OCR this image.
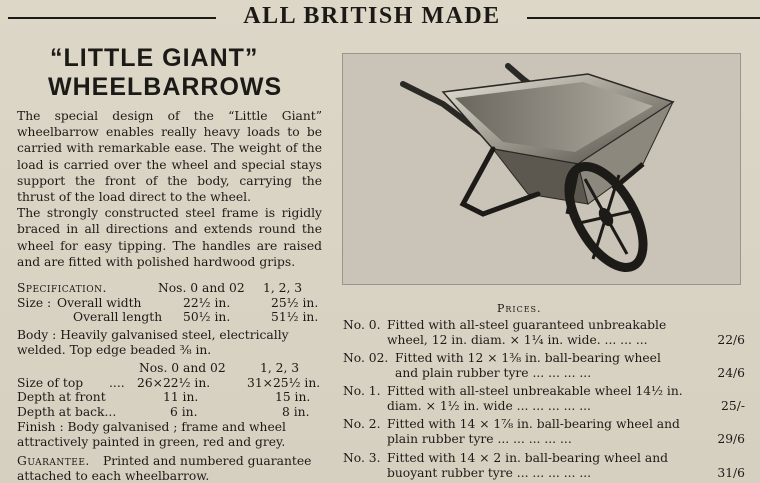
ALL BRITISH MADE
“LITTLE GIANT”
WHEELBARROWS

The special design of the “Little Giant” wheelbarrow enables really heavy loads to be carried with remarkable ease. The weight of the load is carried over the wheel and special stays support the front of the body, carrying the thrust of the load direct to the wheel.

The strongly constructed steel frame is rigidly braced in all directions and extends round the wheel for easy tipping. The handles are raised and are fitted with polished hardwood grips.

Specification.	Nos. 0 and 02 1, 2, 3
Size : Overall width	22½ in.	25½ in.
Overall length 50½ in.	51½ in.
Body : Heavily galvanised steel, electrically
welded. Top edge beaded ⅜ in.
Nos. 0 and 02	1, 2, 3
Size of top .... 26×22½ in.	31×25½ in.
Depth at front	11 in.	15 in.
Depth at back...	6 in.	8 in.
Finish : Body galvanised ; frame and wheel
attractively painted in green, red and grey.
Guarantee. Printed and numbered guarantee
attached to each wheelbarrow.
Prices.
No. 0. Fitted with all-steel guaranteed unbreakable
wheel, 12 in. diam. × 1¼ in. wide. ... ... ...	22/6
No. 02. Fitted with 12 × 1⅜ in. ball-bearing wheel
and plain rubber tyre ... ... ... ...	24/6
No. 1. Fitted with all-steel unbreakable wheel 14½ in.
diam. × 1½ in. wide ... ... ... ... ...	25/-
No. 2. Fitted with 14 × 1⅞ in. ball-bearing wheel and
plain rubber tyre ... ... ... ... ...	29/6
No. 3. Fitted with 14 × 2 in. ball-bearing wheel and
buoyant rubber tyre ... ... ... ... ...	31/6
